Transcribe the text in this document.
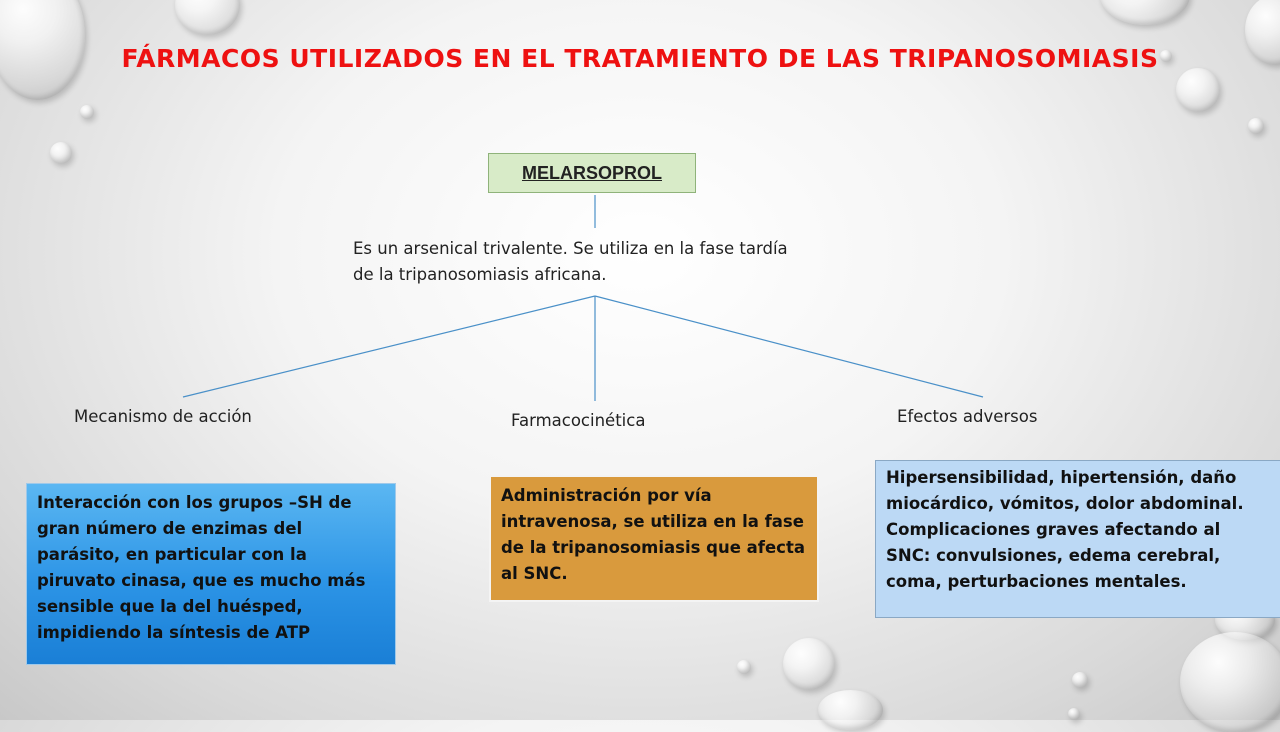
FÁRMACOS UTILIZADOS EN EL TRATAMIENTO DE LAS TRIPANOSOMIASIS
MELARSOPROL
Es un arsenical trivalente. Se utiliza en la fase tardía de la tripanosomiasis africana.
Mecanismo de acción	Farmacocinética	Efectos adversos
Interacción con los grupos –SH de gran número de enzimas del parásito, en particular con la piruvato cinasa, que es mucho más sensible que la del huésped, impidiendo la síntesis de ATP
Administración por vía intravenosa, se utiliza en la fase de la tripanosomiasis que afecta al SNC.
Hipersensibilidad, hipertensión, daño miocárdico, vómitos, dolor abdominal. Complicaciones graves afectando al SNC: convulsiones, edema cerebral, coma, perturbaciones mentales.
